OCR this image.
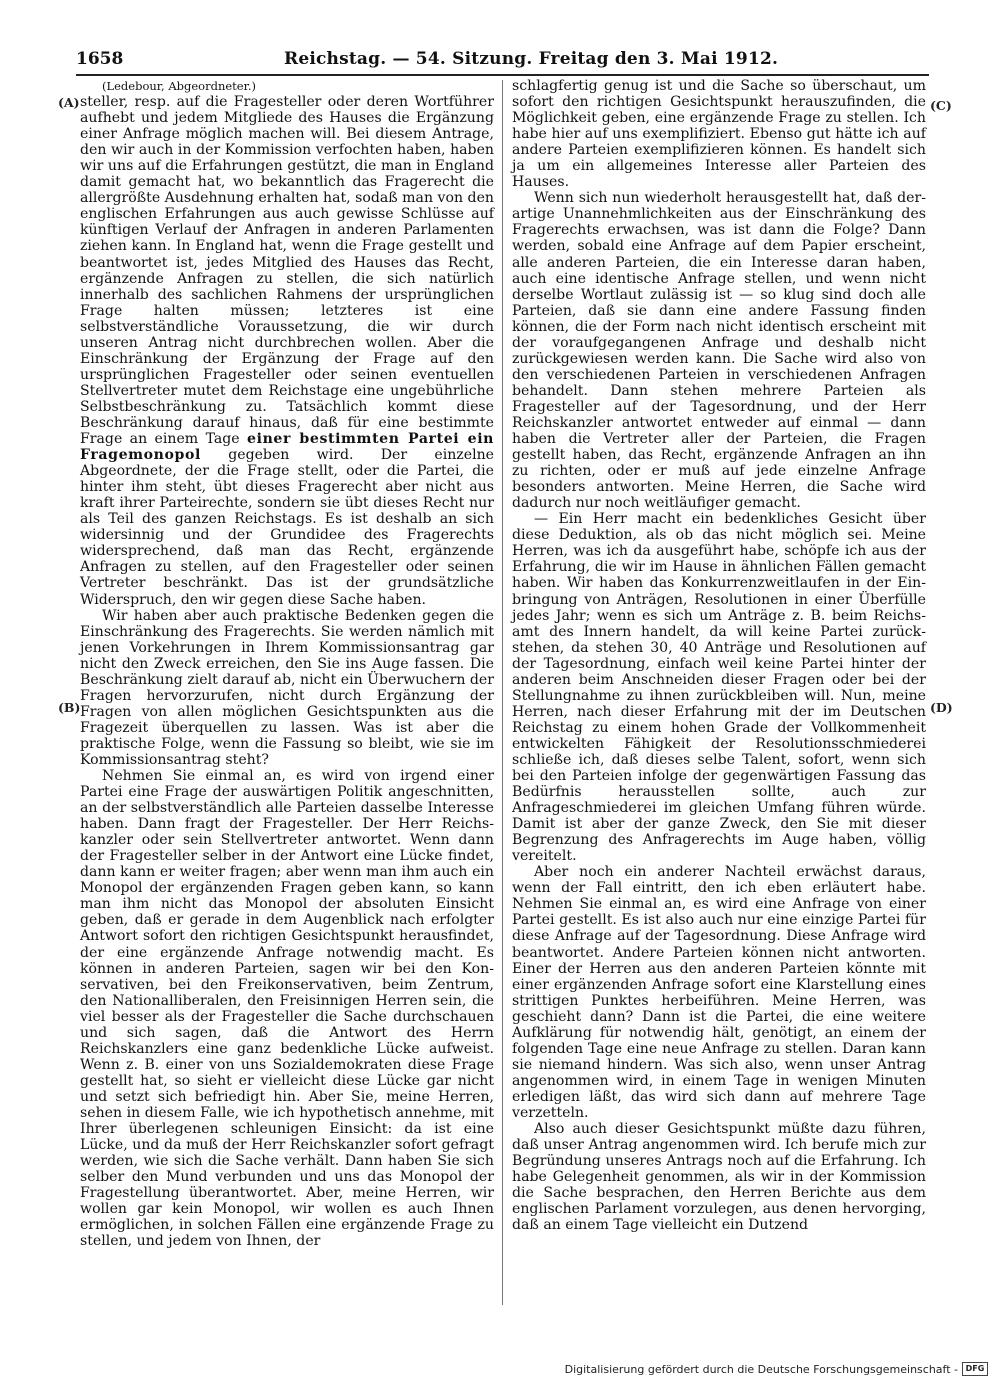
1658	Reichstag. — 54. Sitzung. Freitag den 3. Mai 1912.
(A)
(B)
(C)
(D)

(Ledebour, Abgeordneter.)

steller, resp. auf die Fragesteller oder deren Wortführer aufhebt und jedem Mitgliede des Hauses die Ergänzung einer Anfrage möglich machen will. Bei diesem Antrage, den wir auch in der Kommission verfochten haben, haben wir uns auf die Erfahrungen gestützt, die man in England damit gemacht hat, wo bekanntlich das Fragerecht die allergrößte Ausdehnung erhalten hat, sodaß man von den englischen Erfahrungen aus auch gewisse Schlüsse auf künftigen Verlauf der Anfragen in anderen Parlamenten ziehen kann. In England hat, wenn die Frage gestellt und beantwortet ist, jedes Mitglied des Hauses das Recht, ergänzende Anfragen zu stellen, die sich natürlich innerhalb des sachlichen Rahmens der ursprünglichen Frage halten müssen; letzteres ist eine selbstverständliche Voraussetzung, die wir durch unseren Antrag nicht durchbrechen wollen. Aber die Einschränkung der Ergänzung der Frage auf den ursprünglichen Fragesteller oder seinen eventuellen Stellvertreter mutet dem Reichstage eine ungebührliche Selbstbeschränkung zu. Tatsächlich kommt diese Beschränkung darauf hinaus, daß für eine bestimmte Frage an einem Tage einer bestimmten Partei ein Fragemonopol gegeben wird. Der einzelne Abgeordnete, der die Frage stellt, oder die Partei, die hinter ihm steht, übt dieses Fragerecht aber nicht aus kraft ihrer Parteirechte, sondern sie übt dieses Recht nur als Teil des ganzen Reichstags. Es ist deshalb an sich widersinnig und der Grundidee des Fragerechts widersprechend, daß man das Recht, ergänzende Anfragen zu stellen, auf den Fragesteller oder seinen Vertreter beschränkt. Das ist der grundsätzliche Widerspruch, den wir gegen diese Sache haben.

Wir haben aber auch praktische Bedenken gegen die Einschränkung des Fragerechts. Sie werden nämlich mit jenen Vorkehrungen in Ihrem Kommissionsantrag gar nicht den Zweck erreichen, den Sie ins Auge fassen. Die Beschränkung zielt darauf ab, nicht ein Überwuchern der Fragen hervorzurufen, nicht durch Ergänzung der Fragen von allen möglichen Gesichtspunkten aus die Fragezeit überquellen zu lassen. Was ist aber die praktische Folge, wenn die Fassung so bleibt, wie sie im Kommissionsantrag steht?

Nehmen Sie einmal an, es wird von irgend einer Partei eine Frage der auswärtigen Politik angeschnitten, an der selbstverständlich alle Parteien dasselbe Interesse haben. Dann fragt der Fragesteller. Der Herr Reichskanzler oder sein Stellvertreter antwortet. Wenn dann der Fragesteller selber in der Antwort eine Lücke findet, dann kann er weiter fragen; aber wenn man ihm auch ein Monopol der ergänzenden Fragen geben kann, so kann man ihm nicht das Monopol der absoluten Einsicht geben, daß er gerade in dem Augenblick nach erfolgter Antwort sofort den richtigen Gesichtspunkt herausfindet, der eine ergänzende Anfrage notwendig macht. Es können in anderen Parteien, sagen wir bei den Konservativen, bei den Freikonservativen, beim Zentrum, den Nationalliberalen, den Freisinnigen Herren sein, die viel besser als der Fragesteller die Sache durchschauen und sich sagen, daß die Antwort des Herrn Reichskanzlers eine ganz bedenkliche Lücke aufweist. Wenn z. B. einer von uns Sozialdemokraten diese Frage gestellt hat, so sieht er vielleicht diese Lücke gar nicht und setzt sich befriedigt hin. Aber Sie, meine Herren, sehen in diesem Falle, wie ich hypothetisch annehme, mit Ihrer überlegenen schleunigen Einsicht: da ist eine Lücke, und da muß der Herr Reichskanzler sofort gefragt werden, wie sich die Sache verhält. Dann haben Sie sich selber den Mund verbunden und uns das Monopol der Fragestellung überantwortet. Aber, meine Herren, wir wollen gar kein Monopol, wir wollen es auch Ihnen ermöglichen, in solchen Fällen eine ergänzende Frage zu stellen, und jedem von Ihnen, der

schlagfertig genug ist und die Sache so überschaut, um sofort den richtigen Gesichtspunkt herauszufinden, die Möglichkeit geben, eine ergänzende Frage zu stellen. Ich habe hier auf uns exemplifiziert. Ebenso gut hätte ich auf andere Parteien exemplifizieren können. Es handelt sich ja um ein allgemeines Interesse aller Parteien des Hauses.

Wenn sich nun wiederholt herausgestellt hat, daß derartige Unannehmlichkeiten aus der Einschränkung des Fragerechts erwachsen, was ist dann die Folge? Dann werden, sobald eine Anfrage auf dem Papier erscheint, alle anderen Parteien, die ein Interesse daran haben, auch eine identische Anfrage stellen, und wenn nicht derselbe Wortlaut zulässig ist — so klug sind doch alle Parteien, daß sie dann eine andere Fassung finden können, die der Form nach nicht identisch erscheint mit der voraufgegangenen Anfrage und deshalb nicht zurückgewiesen werden kann. Die Sache wird also von den verschiedenen Parteien in verschiedenen Anfragen behandelt. Dann stehen mehrere Parteien als Fragesteller auf der Tagesordnung, und der Herr Reichskanzler antwortet entweder auf einmal — dann haben die Vertreter aller der Parteien, die Fragen gestellt haben, das Recht, ergänzende Anfragen an ihn zu richten, oder er muß auf jede einzelne Anfrage besonders antworten. Meine Herren, die Sache wird dadurch nur noch weitläufiger gemacht.

— Ein Herr macht ein bedenkliches Gesicht über diese Deduktion, als ob das nicht möglich sei. Meine Herren, was ich da ausgeführt habe, schöpfe ich aus der Erfahrung, die wir im Hause in ähnlichen Fällen gemacht haben. Wir haben das Konkurrenzweitlaufen in der Einbringung von Anträgen, Resolutionen in einer Überfülle jedes Jahr; wenn es sich um Anträge z. B. beim Reichsamt des Innern handelt, da will keine Partei zurückstehen, da stehen 30, 40 Anträge und Resolutionen auf der Tagesordnung, einfach weil keine Partei hinter der anderen beim Anschneiden dieser Fragen oder bei der Stellungnahme zu ihnen zurückbleiben will. Nun, meine Herren, nach dieser Erfahrung mit der im Deutschen Reichstag zu einem hohen Grade der Vollkommenheit entwickelten Fähigkeit der Resolutionsschmiederei schließe ich, daß dieses selbe Talent, sofort, wenn sich bei den Parteien infolge der gegenwärtigen Fassung das Bedürfnis herausstellen sollte, auch zur Anfrageschmiederei im gleichen Umfang führen würde. Damit ist aber der ganze Zweck, den Sie mit dieser Begrenzung des Anfragerechts im Auge haben, völlig vereitelt.

Aber noch ein anderer Nachteil erwächst daraus, wenn der Fall eintritt, den ich eben erläutert habe. Nehmen Sie einmal an, es wird eine Anfrage von einer Partei gestellt. Es ist also auch nur eine einzige Partei für diese Anfrage auf der Tagesordnung. Diese Anfrage wird beantwortet. Andere Parteien können nicht antworten. Einer der Herren aus den anderen Parteien könnte mit einer ergänzenden Anfrage sofort eine Klarstellung eines strittigen Punktes herbeiführen. Meine Herren, was geschieht dann? Dann ist die Partei, die eine weitere Aufklärung für notwendig hält, genötigt, an einem der folgenden Tage eine neue Anfrage zu stellen. Daran kann sie niemand hindern. Was sich also, wenn unser Antrag angenommen wird, in einem Tage in wenigen Minuten erledigen läßt, das wird sich dann auf mehrere Tage verzetteln.

Also auch dieser Gesichtspunkt müßte dazu führen, daß unser Antrag angenommen wird. Ich berufe mich zur Begründung unseres Antrags noch auf die Erfahrung. Ich habe Gelegenheit genommen, als wir in der Kommission die Sache besprachen, den Herren Berichte aus dem englischen Parlament vorzulegen, aus denen hervorging, daß an einem Tage vielleicht ein Dutzend

Digitalisierung gefördert durch die Deutsche Forschungsgemeinschaft - DFG
